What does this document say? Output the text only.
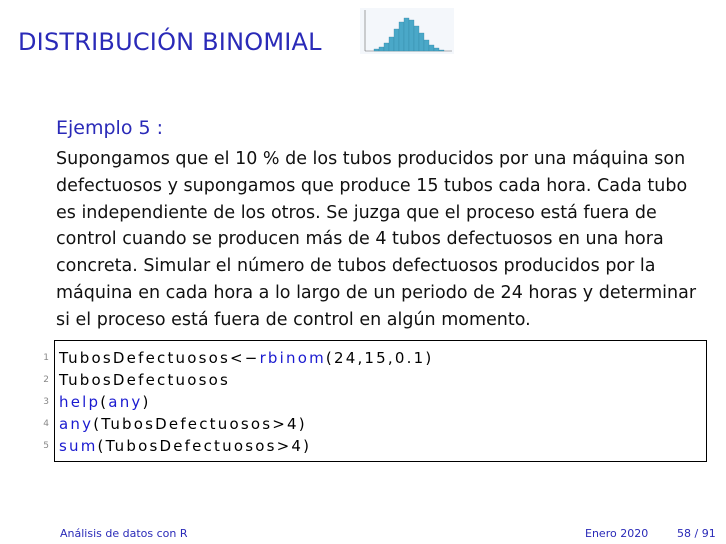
DISTRIBUCIÓN BINOMIAL
Ejemplo 5 :

Supongamos que el 10 % de los tubos producidos por una máquina son defectuosos y supongamos que produce 15 tubos cada hora. Cada tubo es independiente de los otros. Se juzga que el proceso está fuera de control cuando se producen más de 4 tubos defectuosos en una hora concreta. Simular el número de tubos defectuosos producidos por la máquina en cada hora a lo largo de un periodo de 24 horas y determinar si el proceso está fuera de control en algún momento.

1 TubosDefectuosos<−rbinom(24,15,0.1)
2 TubosDefectuosos
3 help(any)
4 any(TubosDefectuosos>4)
5 sum(TubosDefectuosos>4)
Análisis de datos con R	Enero 2020	58 / 91
